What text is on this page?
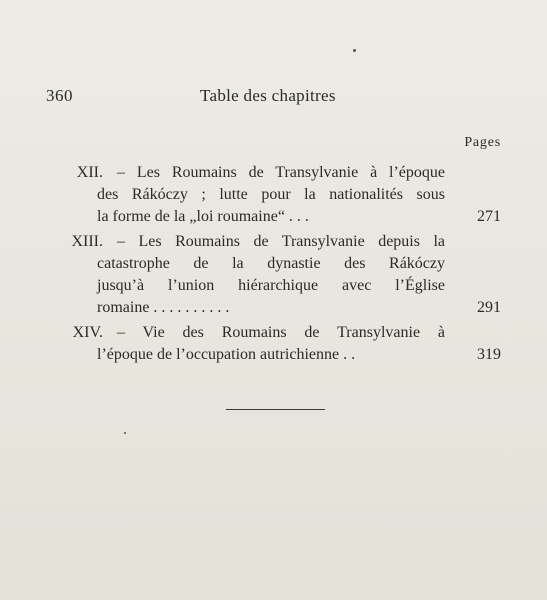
360	Table des chapitres
Pages
XII. – Les Roumains de Transylvanie à l’époque
des Rákóczy ; lutte pour la nationalités sous
la forme de la „loi roumaine“ . . .	271
XIII. – Les Roumains de Transylvanie depuis la
catastrophe de la dynastie des Rákóczy
jusqu’à l’union hiérarchique avec l’Église
romaine . . . . . . . . . .	291
XIV. – Vie des Roumains de Transylvanie à
l’époque de l’occupation autrichienne . .	319
